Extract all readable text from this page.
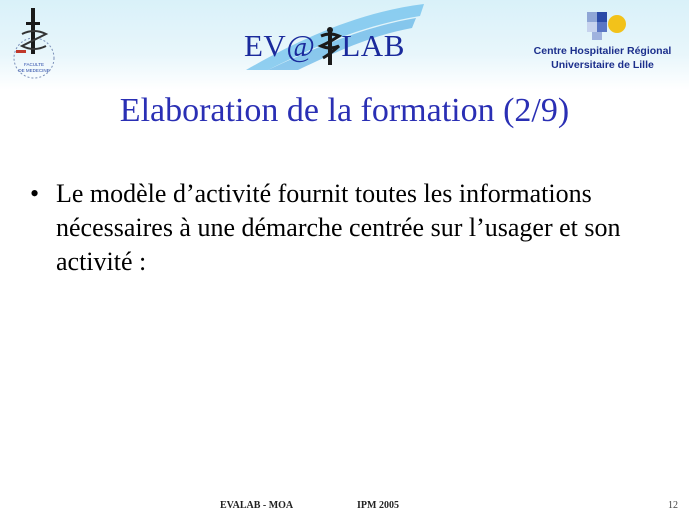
FACULTE
DE MEDECINE
EV@ LAB	Centre Hospitalier Régional
Universitaire de Lille
Elaboration de la formation (2/9)
• Le modèle d’activité fournit toutes les informations nécessaires à une démarche centrée sur l’usager et son activité :
EVALAB - MOA	IPM 2005	12
